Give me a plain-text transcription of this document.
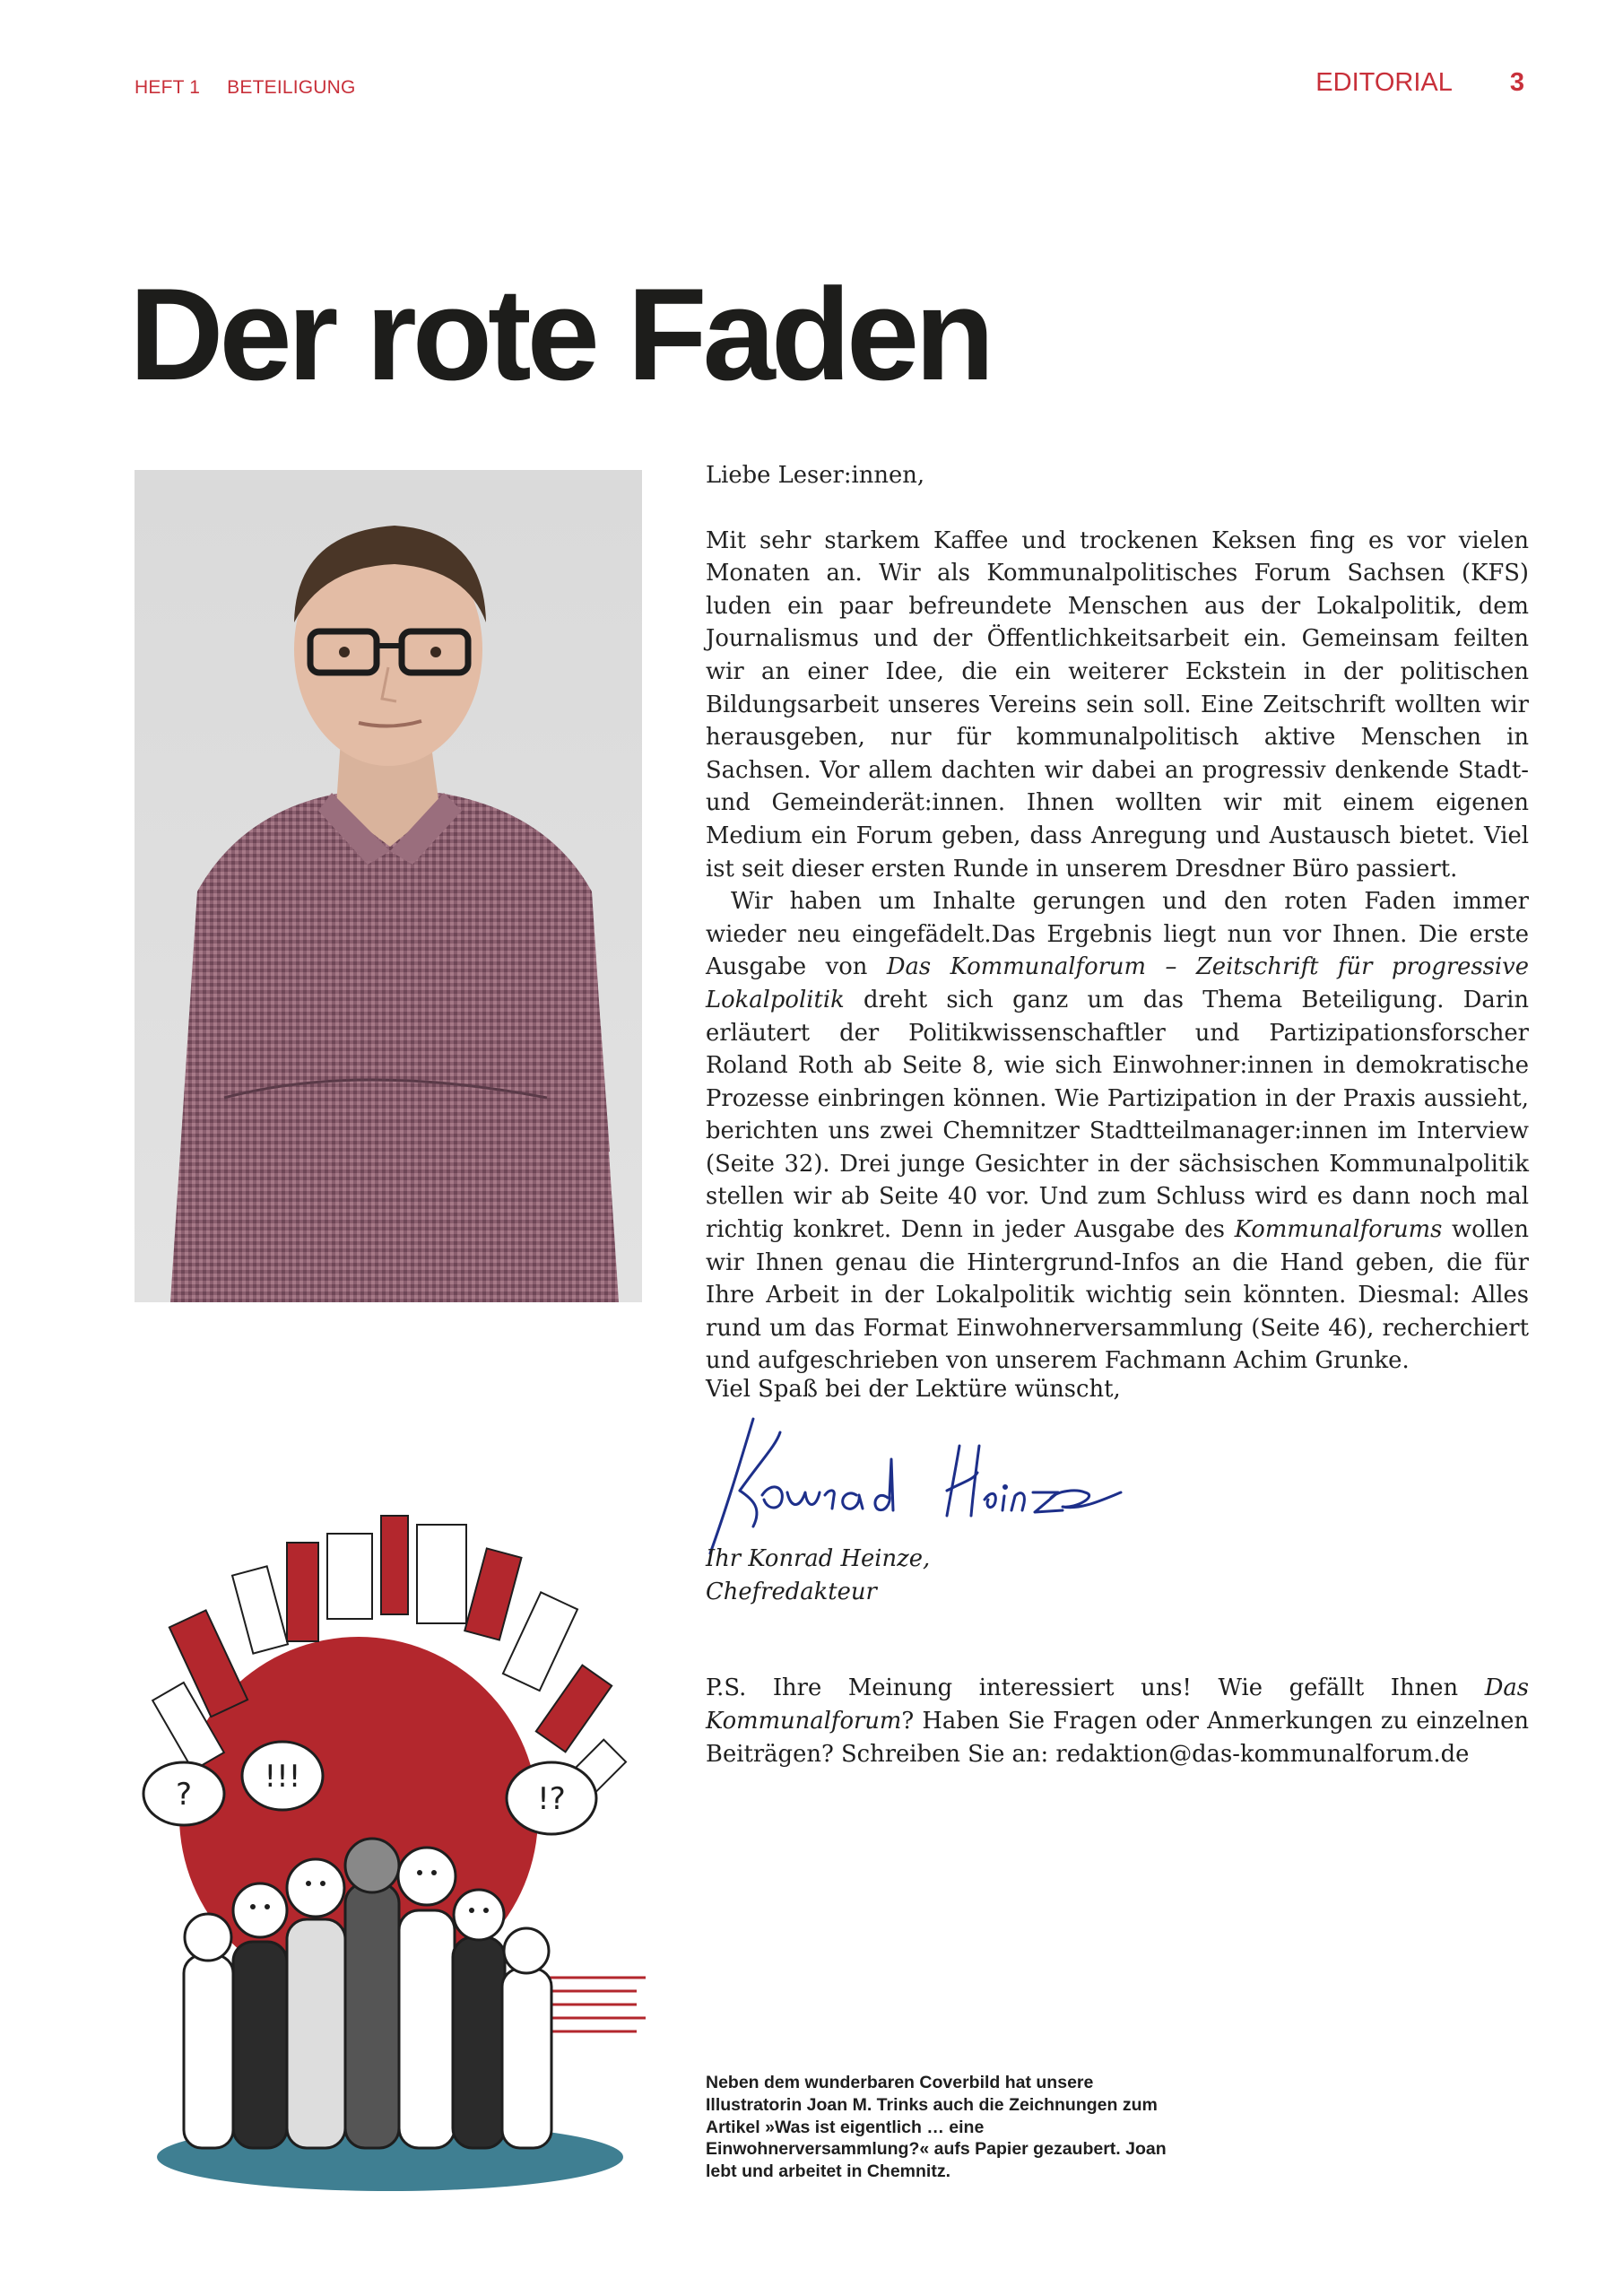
HEFT 1 BETEILIGUNG	EDITORIAL 3
Der rote Faden
? !!!
!?

Liebe Leser:innen,

Mit sehr starkem Kaffee und trockenen Keksen fing es vor vielen Monaten an. Wir als Kommunalpolitisches Forum Sachsen (KFS) luden ein paar befreundete Menschen aus der Lokalpolitik, dem Journalismus und der Öffentlichkeitsarbeit ein. Gemeinsam feilten wir an einer Idee, die ein weiterer Eckstein in der politischen Bildungsarbeit unseres Vereins sein soll. Eine Zeitschrift wollten wir herausgeben, nur für kommunalpolitisch aktive Menschen in Sachsen. Vor allem dachten wir dabei an progressiv denkende Stadt- und Gemeinderät:innen. Ihnen wollten wir mit einem eigenen Medium ein Forum geben, dass Anregung und Austausch bietet. Viel ist seit dieser ersten Runde in unserem Dresdner Büro passiert.

Wir haben um Inhalte gerungen und den roten Faden immer wieder neu eingefädelt.Das Ergebnis liegt nun vor Ihnen. Die erste Ausgabe von Das Kommunalforum – Zeitschrift für progressive Lokalpolitik dreht sich ganz um das Thema Beteiligung. Darin erläutert der Politikwissenschaftler und Partizipationsforscher Roland Roth ab Seite 8, wie sich Einwohner:innen in demokratische Prozesse einbringen können. Wie Partizipation in der Praxis aussieht, berichten uns zwei Chemnitzer Stadtteilmanager:innen im Interview (Seite 32). Drei junge Gesichter in der sächsischen Kommunalpolitik stellen wir ab Seite 40 vor. Und zum Schluss wird es dann noch mal richtig konkret. Denn in jeder Ausgabe des Kommunalforums wollen wir Ihnen genau die Hintergrund-Infos an die Hand geben, die für Ihre Arbeit in der Lokalpolitik wichtig sein könnten. Diesmal: Alles rund um das Format Einwohnerversammlung (Seite 46), recherchiert und aufgeschrieben von unserem Fachmann Achim Grunke.

Viel Spaß bei der Lektüre wünscht,
Ihr Konrad Heinze,
Chefredakteur

P.S. Ihre Meinung interessiert uns! Wie gefällt Ihnen Das Kommunalforum? Haben Sie Fragen oder Anmerkungen zu einzelnen Beiträgen? Schreiben Sie an: redaktion@das-kommunalforum.de

Neben dem wunderbaren Coverbild hat unsere Illustratorin Joan M. Trinks auch die Zeichnungen zum Artikel »Was ist eigentlich … eine Einwohnerversammlung?« aufs Papier gezaubert. Joan lebt und arbeitet in Chemnitz.
